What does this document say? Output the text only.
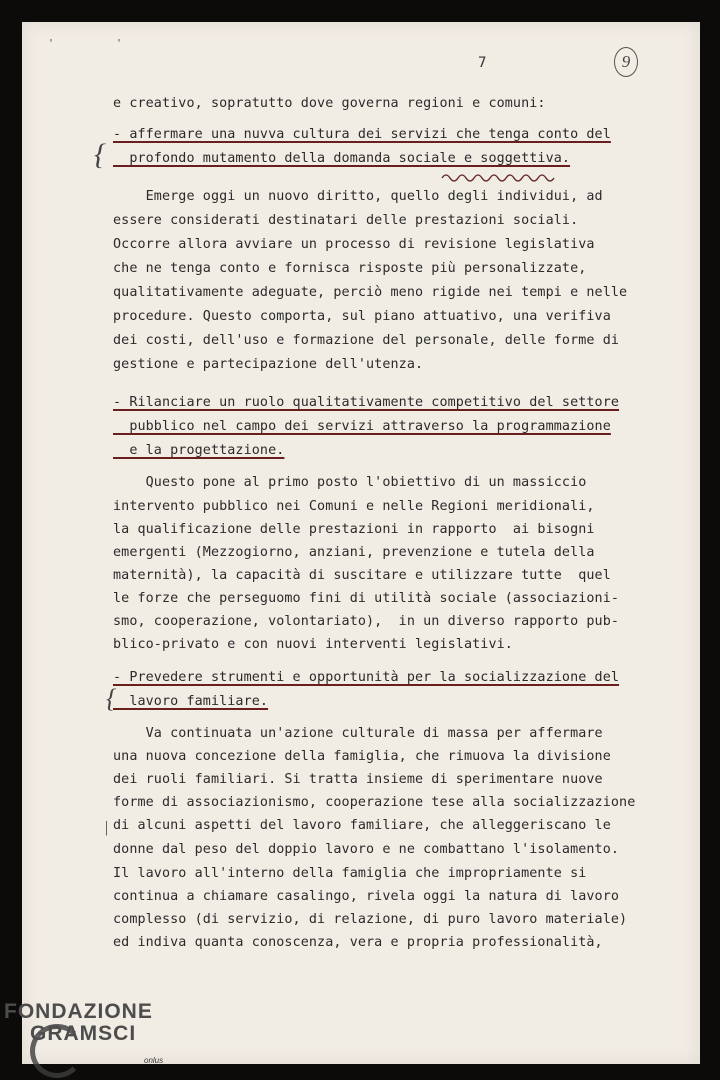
' '
7	9
e creativo, sopratutto dove governa regioni e comuni:
- affermare una nuvva cultura dei servizi che tenga conto del
profondo mutamento della domanda sociale e soggettiva.
Emerge oggi un nuovo diritto, quello degli individui, ad
essere considerati destinatari delle prestazioni sociali.
Occorre allora avviare un processo di revisione legislativa
che ne tenga conto e fornisca risposte più personalizzate,
qualitativamente adeguate, perciò meno rigide nei tempi e nelle
procedure. Questo comporta, sul piano attuativo, una verifiva
dei costi, dell'uso e formazione del personale, delle forme di
gestione e partecipazione dell'utenza.
- Rilanciare un ruolo qualitativamente competitivo del settore
pubblico nel campo dei servizi attraverso la programmazione
e la progettazione.
Questo pone al primo posto l'obiettivo di un massiccio
intervento pubblico nei Comuni e nelle Regioni meridionali,
la qualificazione delle prestazioni in rapporto  ai bisogni
emergenti (Mezzogiorno, anziani, prevenzione e tutela della
maternità), la capacità di suscitare e utilizzare tutte  quel
le forze che perseguomo fini di utilità sociale (associazioni-
smo, cooperazione, volontariato),  in un diverso rapporto pub-
blico-privato e con nuovi interventi legislativi.
- Prevedere strumenti e opportunità per la socializzazione del
lavoro familiare.
Va continuata un'azione culturale di massa per affermare
una nuova concezione della famiglia, che rimuova la divisione
dei ruoli familiari. Si tratta insieme di sperimentare nuove
forme di associazionismo, cooperazione tese alla socializzazione
di alcuni aspetti del lavoro familiare, che alleggeriscano le
donne dal peso del doppio lavoro e ne combattano l'isolamento.
Il lavoro all'interno della famiglia che impropriamente si
continua a chiamare casalingo, rivela oggi la natura di lavoro
complesso (di servizio, di relazione, di puro lavoro materiale)
ed indiva quanta conoscenza, vera e propria professionalità,
{
{
|
FONDAZIONE
GRAMSCI
onlus
